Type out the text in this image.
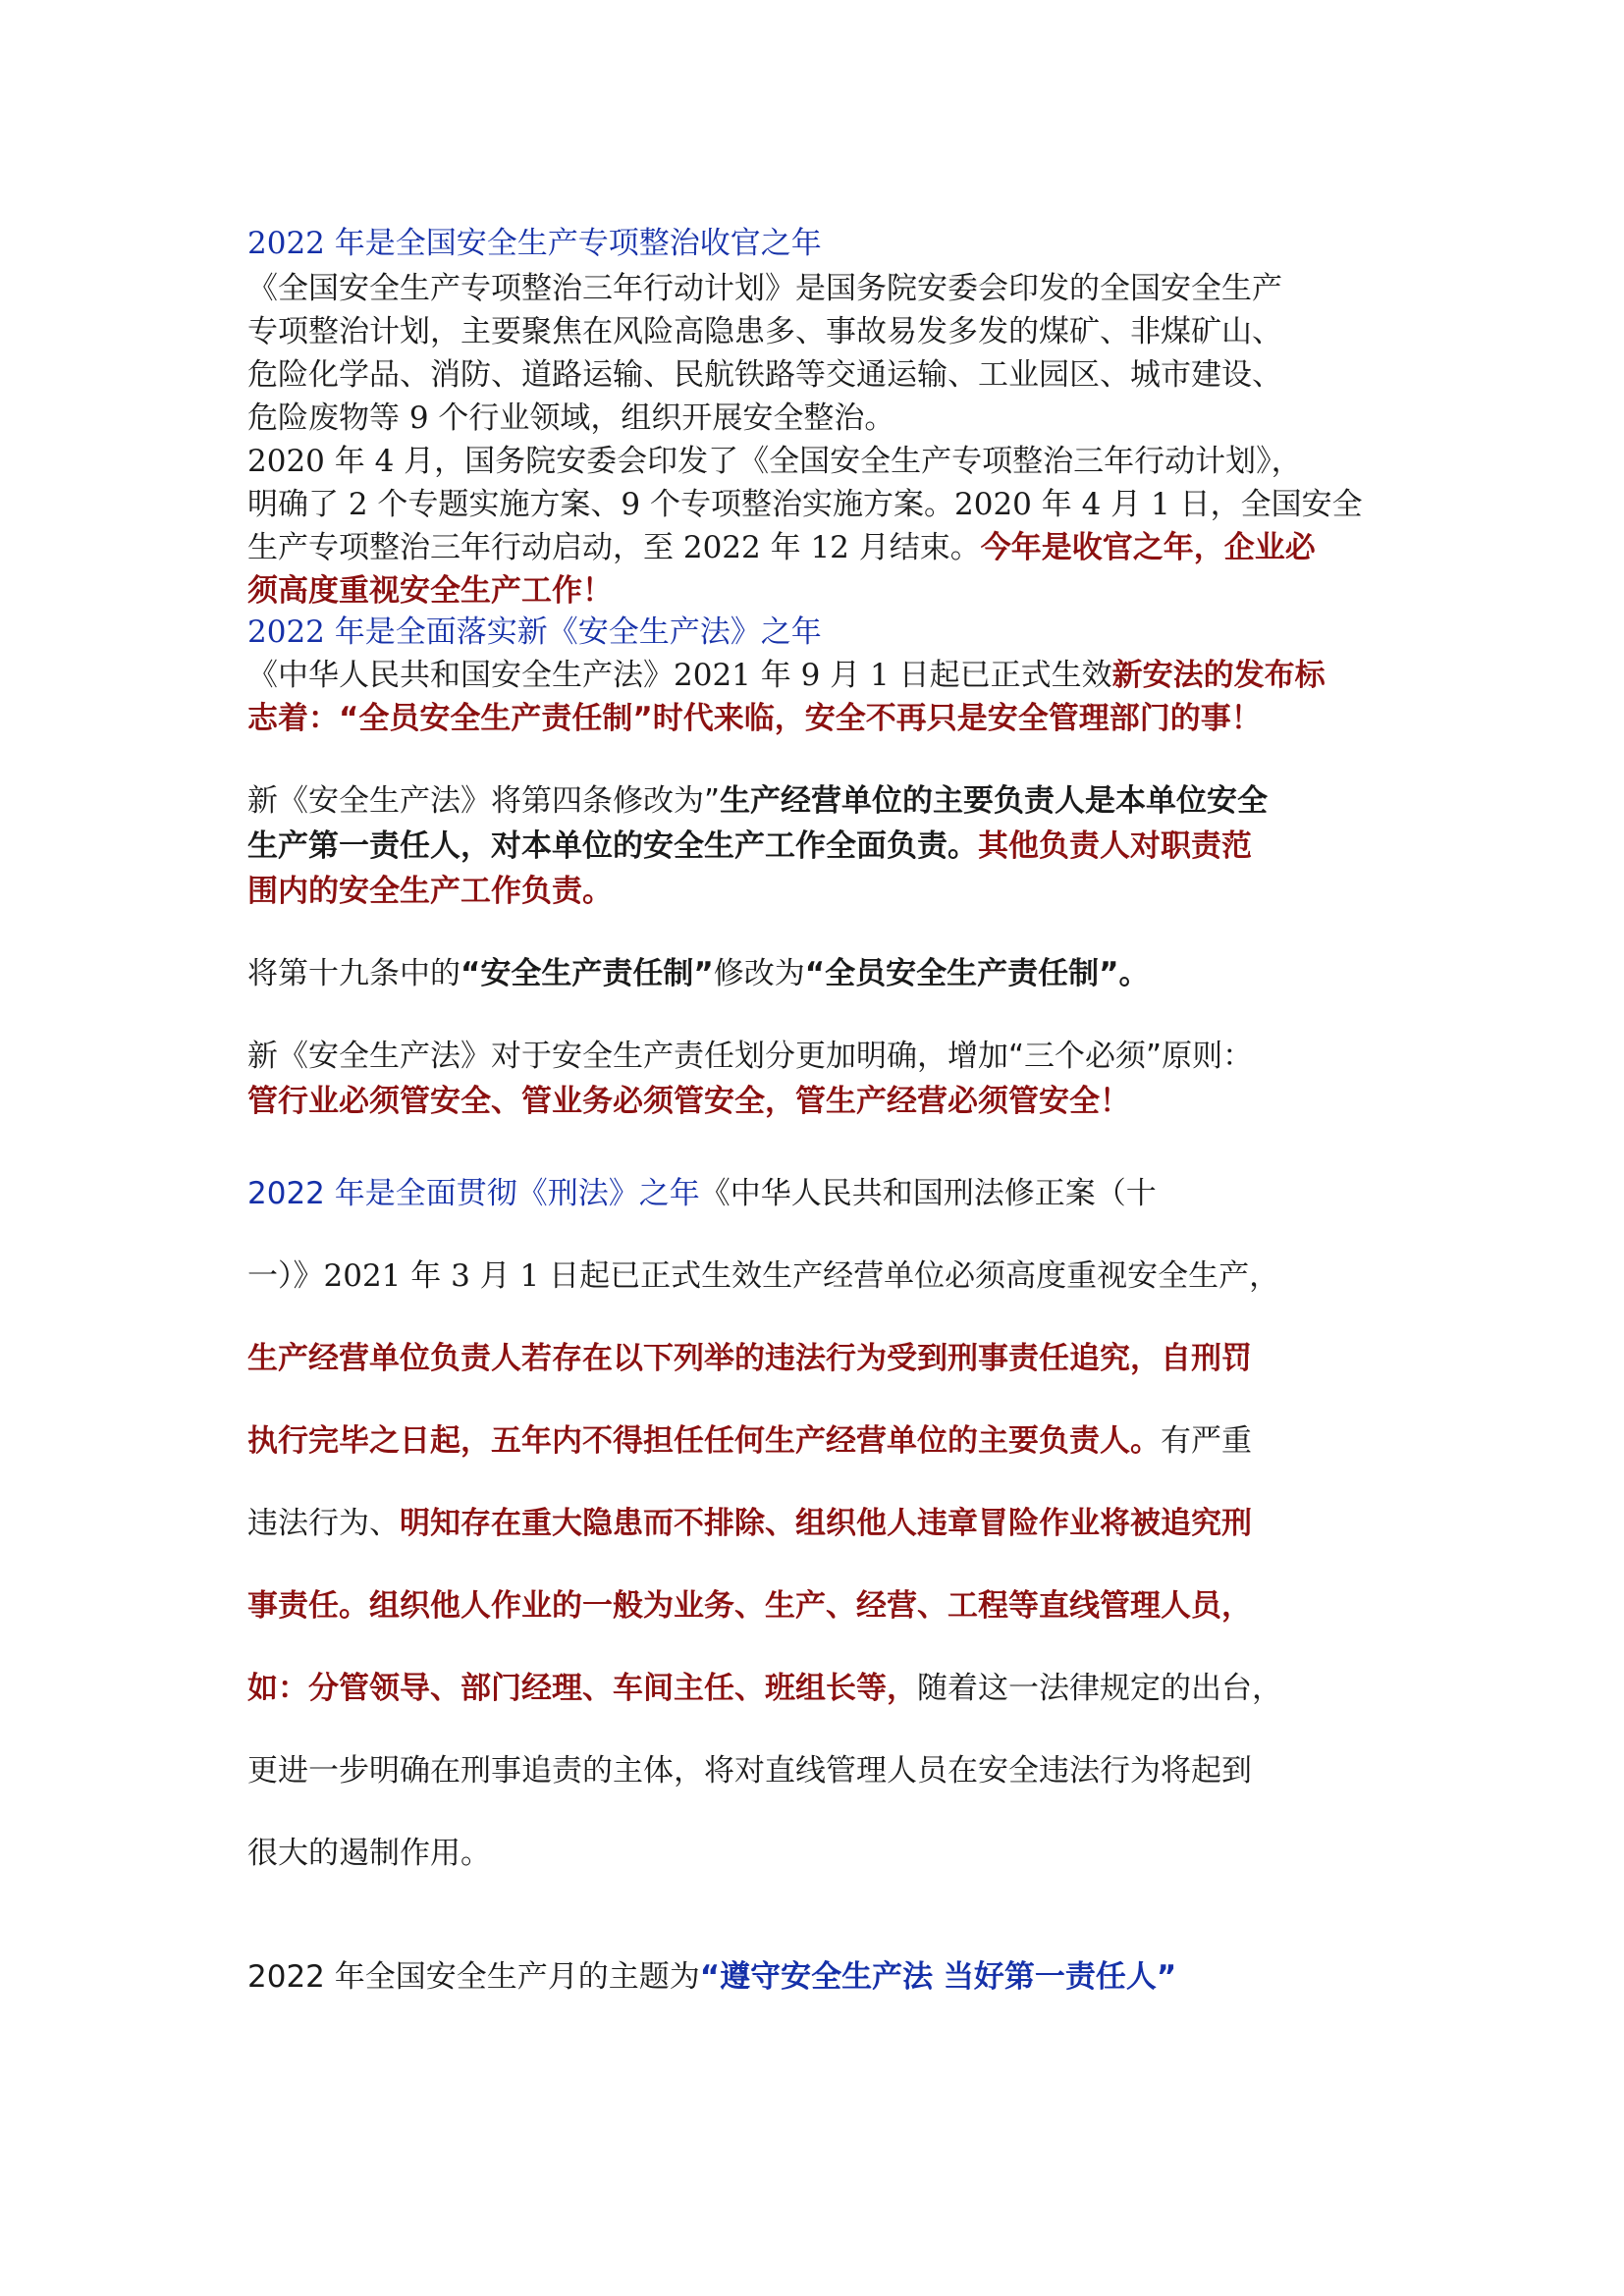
2022 年是全国安全生产专项整治收官之年
《全国安全生产专项整治三年行动计划》是国务院安委会印发的全国安全生产
专项整治计划，主要聚焦在风险高隐患多、事故易发多发的煤矿、非煤矿山、
危险化学品、消防、道路运输、民航铁路等交通运输、工业园区、城市建设、
危险废物等 9 个行业领域，组织开展安全整治。
2020 年 4 月，国务院安委会印发了《全国安全生产专项整治三年行动计划》，
明确了 2 个专题实施方案、9 个专项整治实施方案。2020 年 4 月 1 日，全国安全
生产专项整治三年行动启动，至 2022 年 12 月结束。今年是收官之年，企业必
须高度重视安全生产工作！
2022 年是全面落实新《安全生产法》之年
《中华人民共和国安全生产法》2021 年 9 月 1 日起已正式生效新安法的发布标
志着：“全员安全生产责任制”时代来临，安全不再只是安全管理部门的事！
新《安全生产法》将第四条修改为”生产经营单位的主要负责人是本单位安全
生产第一责任人，对本单位的安全生产工作全面负责。其他负责人对职责范
围内的安全生产工作负责。
将第十九条中的“安全生产责任制”修改为“全员安全生产责任制”。
新《安全生产法》对于安全生产责任划分更加明确，增加“三个必须”原则：
管行业必须管安全、管业务必须管安全，管生产经营必须管安全！
2022 年是全面贯彻《刑法》之年《中华人民共和国刑法修正案（十
一）》2021 年 3 月 1 日起已正式生效生产经营单位必须高度重视安全生产，
生产经营单位负责人若存在以下列举的违法行为受到刑事责任追究，自刑罚
执行完毕之日起，五年内不得担任任何生产经营单位的主要负责人。有严重
违法行为、明知存在重大隐患而不排除、组织他人违章冒险作业将被追究刑
事责任。组织他人作业的一般为业务、生产、经营、工程等直线管理人员，
如：分管领导、部门经理、车间主任、班组长等，随着这一法律规定的出台，
更进一步明确在刑事追责的主体，将对直线管理人员在安全违法行为将起到
很大的遏制作用。
2022 年全国安全生产月的主题为“遵守安全生产法 当好第一责任人”
